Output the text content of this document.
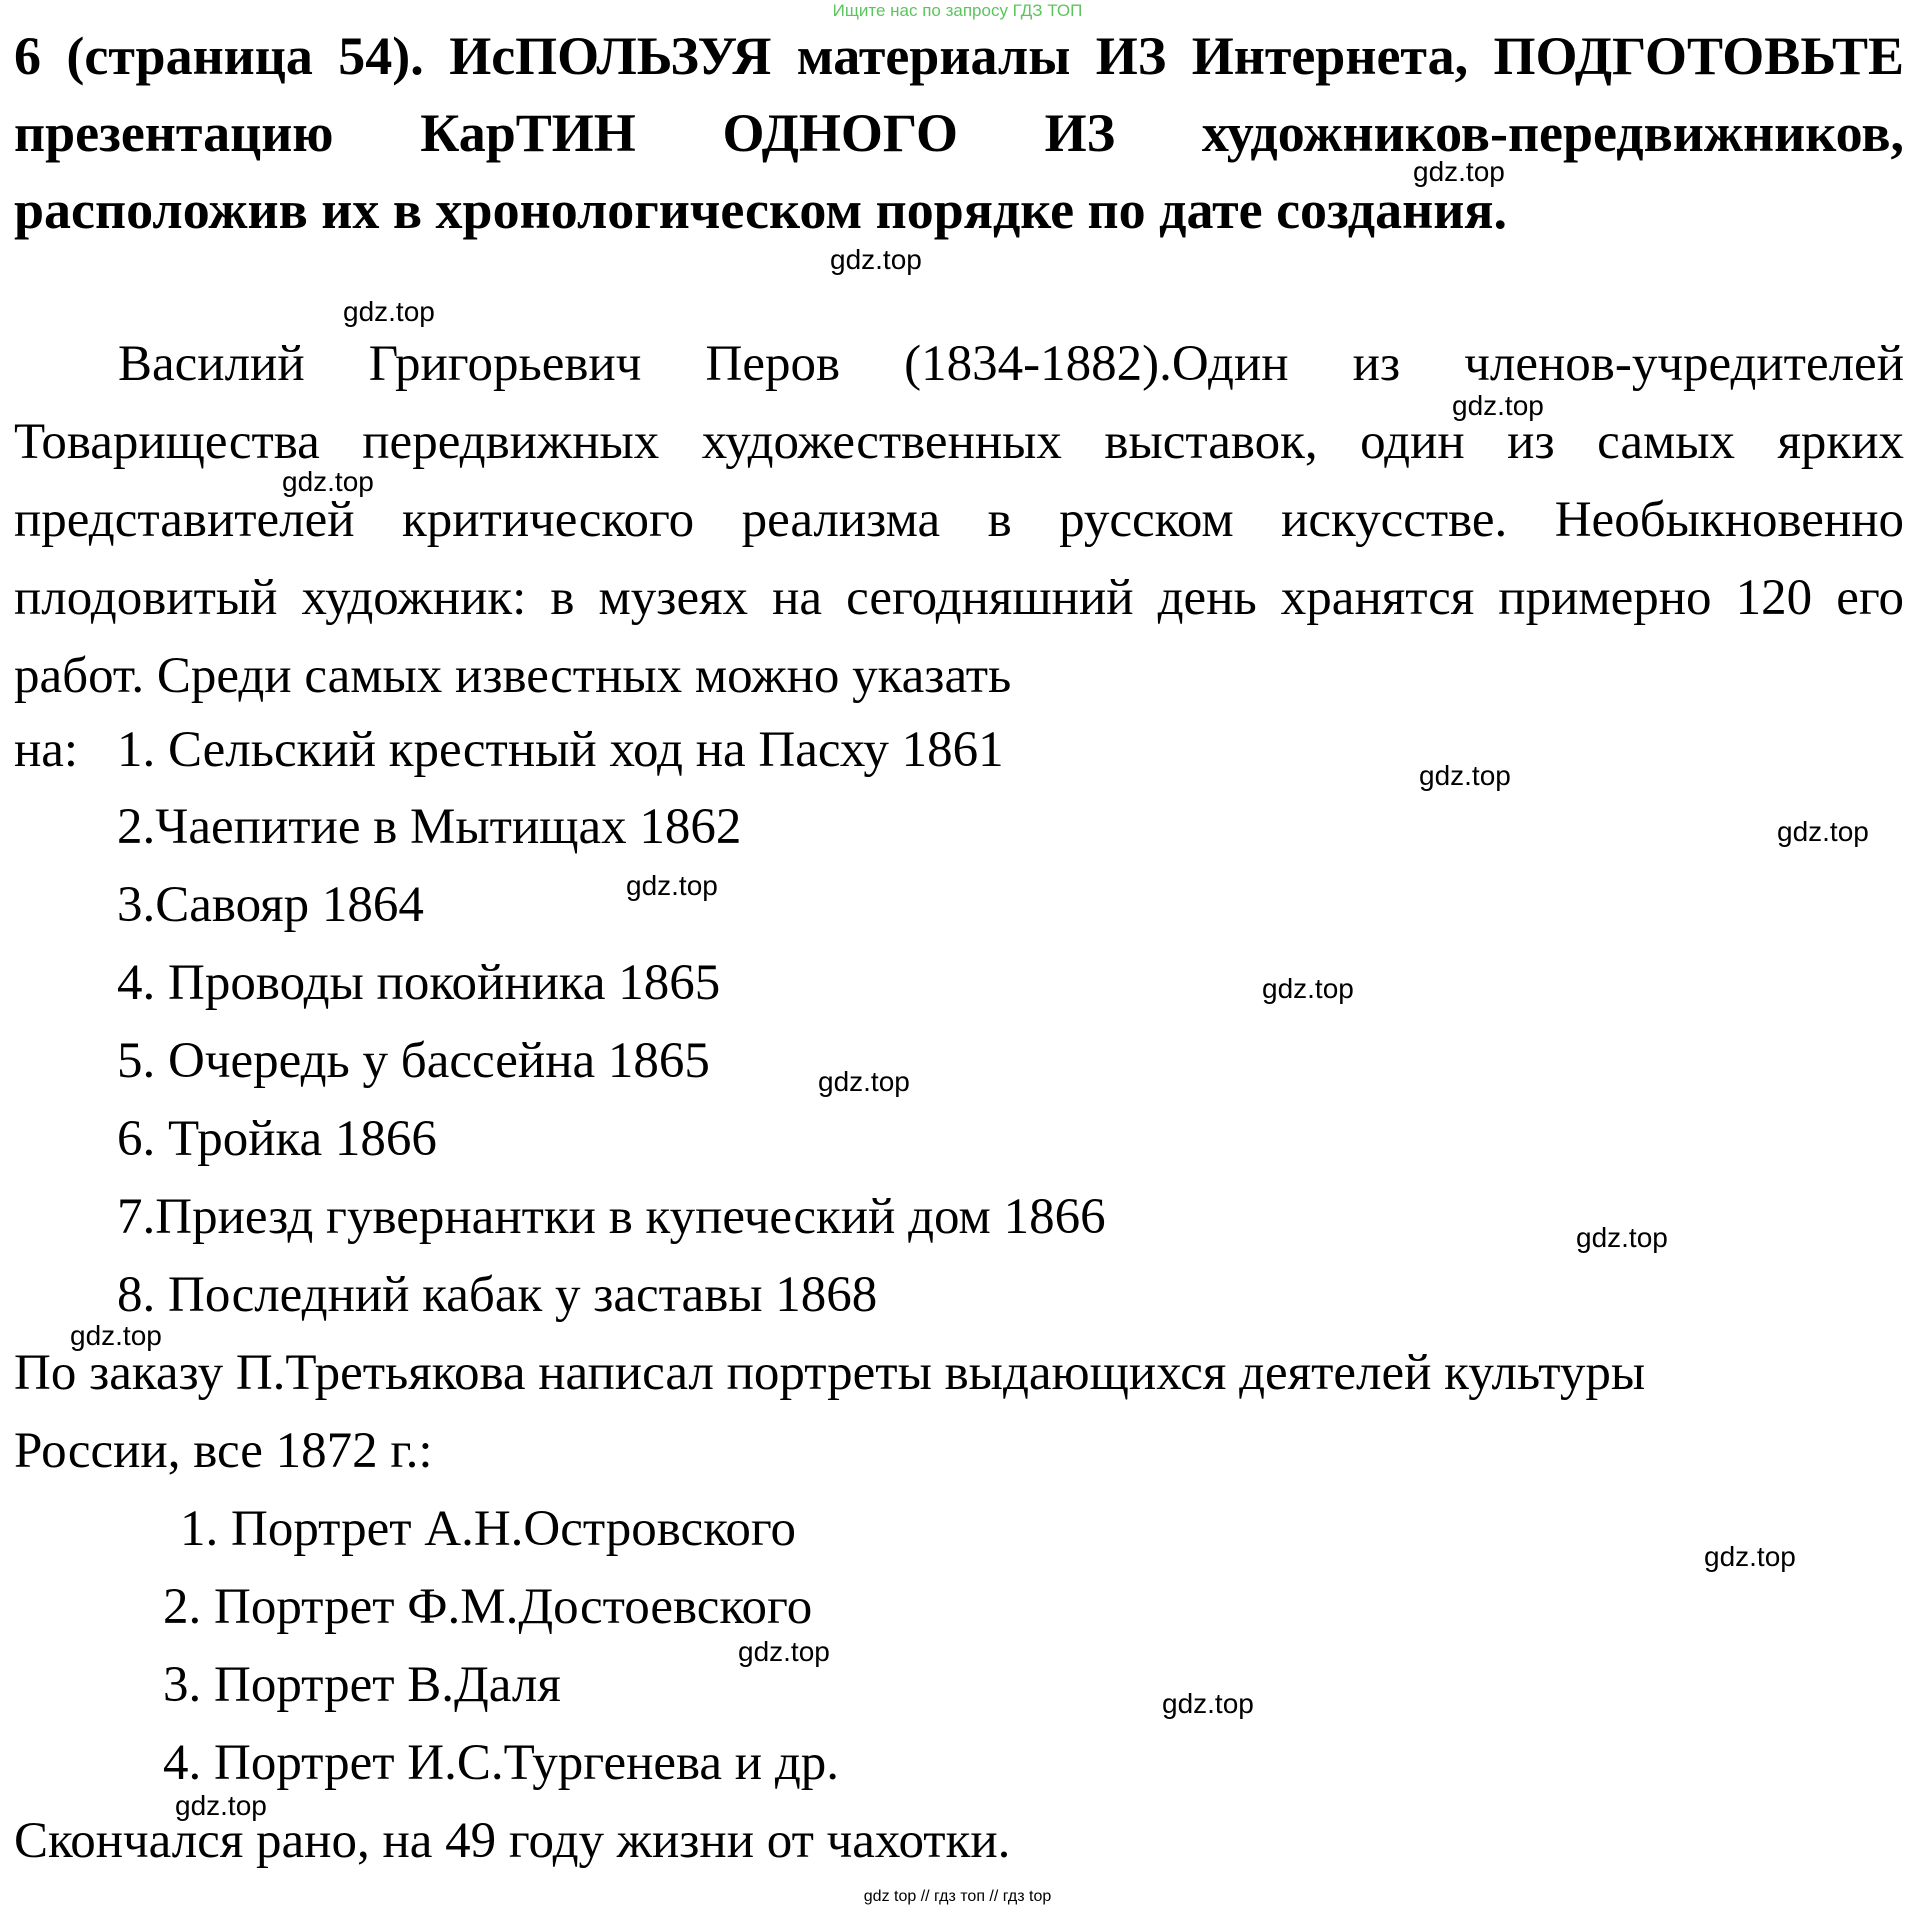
Ищите нас по запросу ГДЗ ТОП
6 (страница 54). ИсПОЛЬЗУЯ материалы ИЗ Интернета, ПОДГОТОВЬТЕ презентацию КарТИН ОДНОГО ИЗ художников-передвижников, расположив их в хронологическом порядке по дате создания.
Василий Григорьевич Перов (1834-1882).Один из членов-учредителей Товарищества передвижных художественных выставок, один из самых ярких представителей критического реализма в русском искусстве. Необыкновенно плодовитый художник: в музеях на сегодняшний день хранятся примерно 120 его работ. Среди самых известных можно указать
на: 1. Сельский крестный ход на Пасху 1861
2.Чаепитие в Мытищах 1862
3.Савояр 1864
4. Проводы покойника 1865
5. Очередь у бассейна 1865
6. Тройка 1866
7.Приезд гувернантки в купеческий дом 1866
8. Последний кабак у заставы 1868
По заказу П.Третьякова написал портреты выдающихся деятелей культуры
России, все 1872 г.:
1. Портрет А.Н.Островского
2. Портрет Ф.М.Достоевского
3. Портрет В.Даля
4. Портрет И.С.Тургенева и др.
Скончался рано, на 49 году жизни от чахотки.
gdz.top
gdz.top
gdz.top
gdz.top
gdz.top
gdz.top
gdz.top
gdz.top
gdz.top
gdz.top
gdz.top
gdz.top
gdz.top
gdz.top
gdz.top
gdz.top
gdz top // гдз топ // гдз top
